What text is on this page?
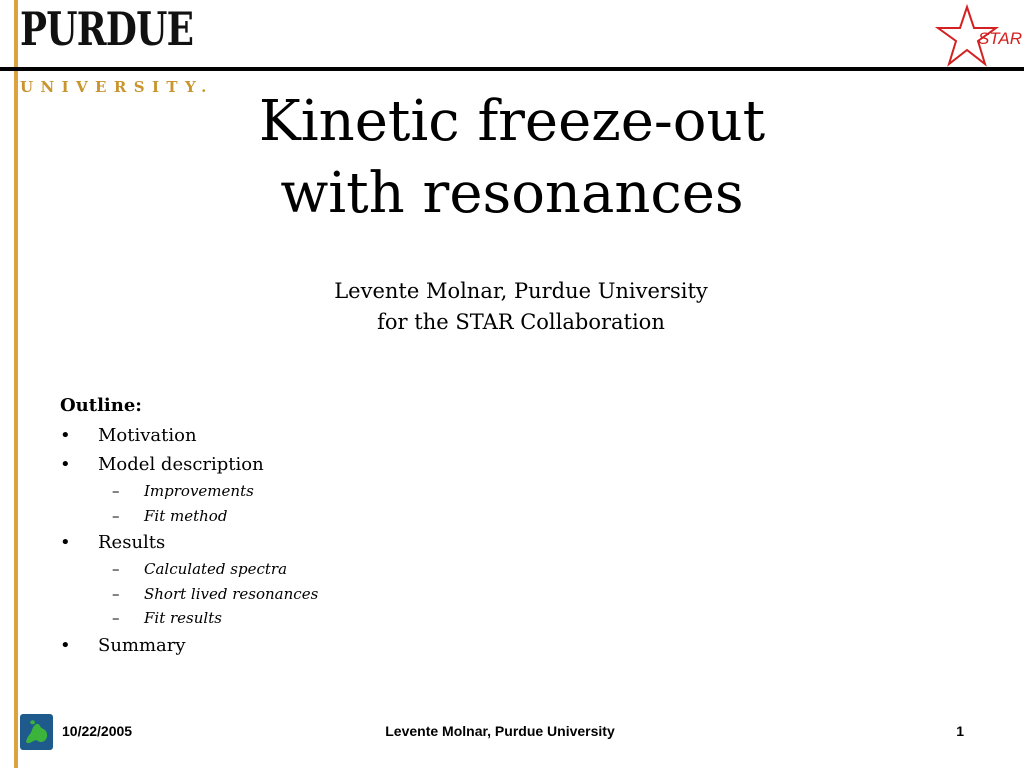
PURDUE
UNIVERSITY.
STAR
Kinetic freeze-out
with resonances
Levente Molnar, Purdue University
for the STAR Collaboration
Outline:
•	Motivation
•	Model description
– Improvements
– Fit method
•	Results
– Calculated spectra
– Short lived resonances
– Fit results
•	Summary
10/22/2005	Levente Molnar, Purdue University	1
